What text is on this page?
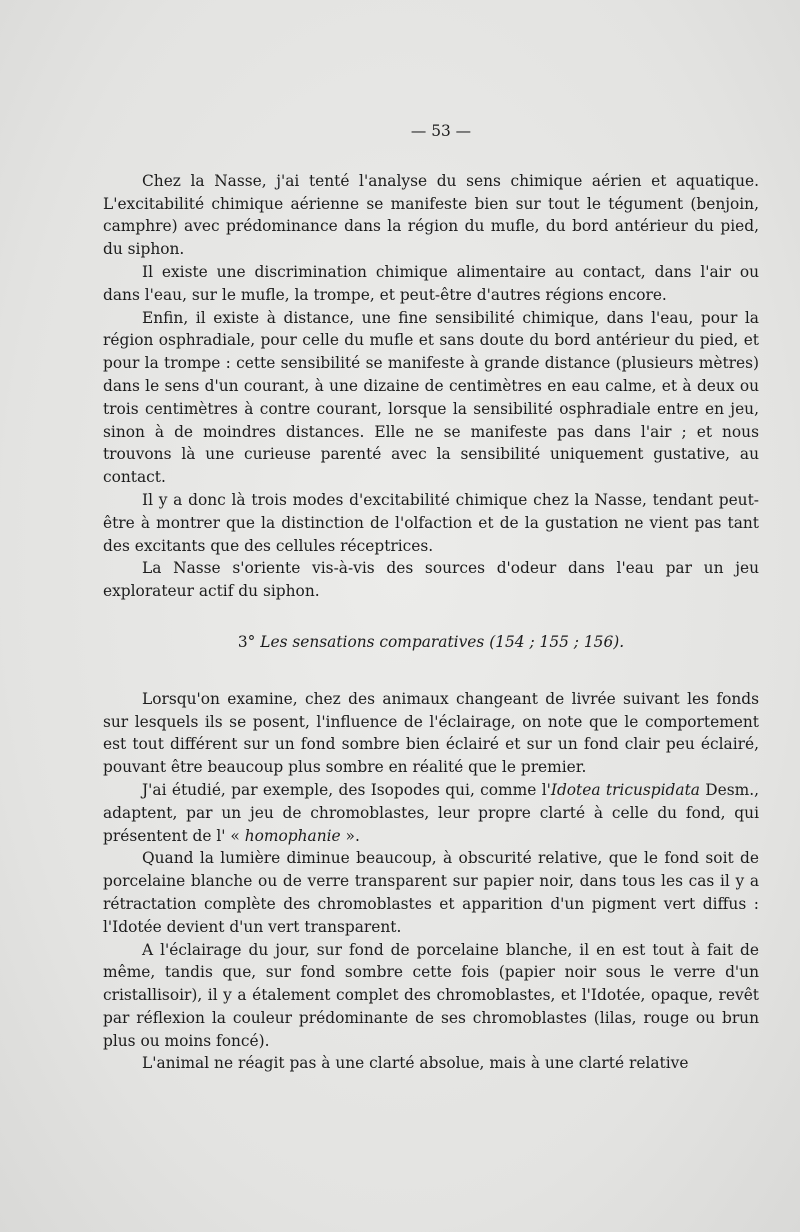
— 53 —

Chez la Nasse, j'ai tenté l'analyse du sens chimique aérien et aquatique. L'excitabilité chimique aérienne se manifeste bien sur tout le tégument (benjoin, camphre) avec prédominance dans la région du mufle, du bord antérieur du pied, du siphon.

Il existe une discrimination chimique alimentaire au contact, dans l'air ou dans l'eau, sur le mufle, la trompe, et peut-être d'autres régions encore.

Enfin, il existe à distance, une fine sensibilité chimique, dans l'eau, pour la région osphradiale, pour celle du mufle et sans doute du bord antérieur du pied, et pour la trompe : cette sensibilité se manifeste à grande distance (plusieurs mètres) dans le sens d'un courant, à une dizaine de centimètres en eau calme, et à deux ou trois centimètres à contre courant, lorsque la sensibilité osphradiale entre en jeu, sinon à de moindres distances. Elle ne se manifeste pas dans l'air ; et nous trouvons là une curieuse parenté avec la sensibilité uniquement gustative, au contact.

Il y a donc là trois modes d'excitabilité chimique chez la Nasse, tendant peut-être à montrer que la distinction de l'olfaction et de la gustation ne vient pas tant des excitants que des cellules réceptrices.

La Nasse s'oriente vis-à-vis des sources d'odeur dans l'eau par un jeu explorateur actif du siphon.

3° Les sensations comparatives (154 ; 155 ; 156).

Lorsqu'on examine, chez des animaux changeant de livrée suivant les fonds sur lesquels ils se posent, l'influence de l'éclairage, on note que le comportement est tout différent sur un fond sombre bien éclairé et sur un fond clair peu éclairé, pouvant être beaucoup plus sombre en réalité que le premier.

J'ai étudié, par exemple, des Isopodes qui, comme l'Idotea tricuspidata Desm., adaptent, par un jeu de chromoblastes, leur propre clarté à celle du fond, qui présentent de l' « homophanie ».

Quand la lumière diminue beaucoup, à obscurité relative, que le fond soit de porcelaine blanche ou de verre transparent sur papier noir, dans tous les cas il y a rétractation complète des chromoblastes et apparition d'un pigment vert diffus : l'Idotée devient d'un vert transparent.

A l'éclairage du jour, sur fond de porcelaine blanche, il en est tout à fait de même, tandis que, sur fond sombre cette fois (papier noir sous le verre d'un cristallisoir), il y a étalement complet des chromoblastes, et l'Idotée, opaque, revêt par réflexion la couleur prédominante de ses chromoblastes (lilas, rouge ou brun plus ou moins foncé).

L'animal ne réagit pas à une clarté absolue, mais à une clarté relative
